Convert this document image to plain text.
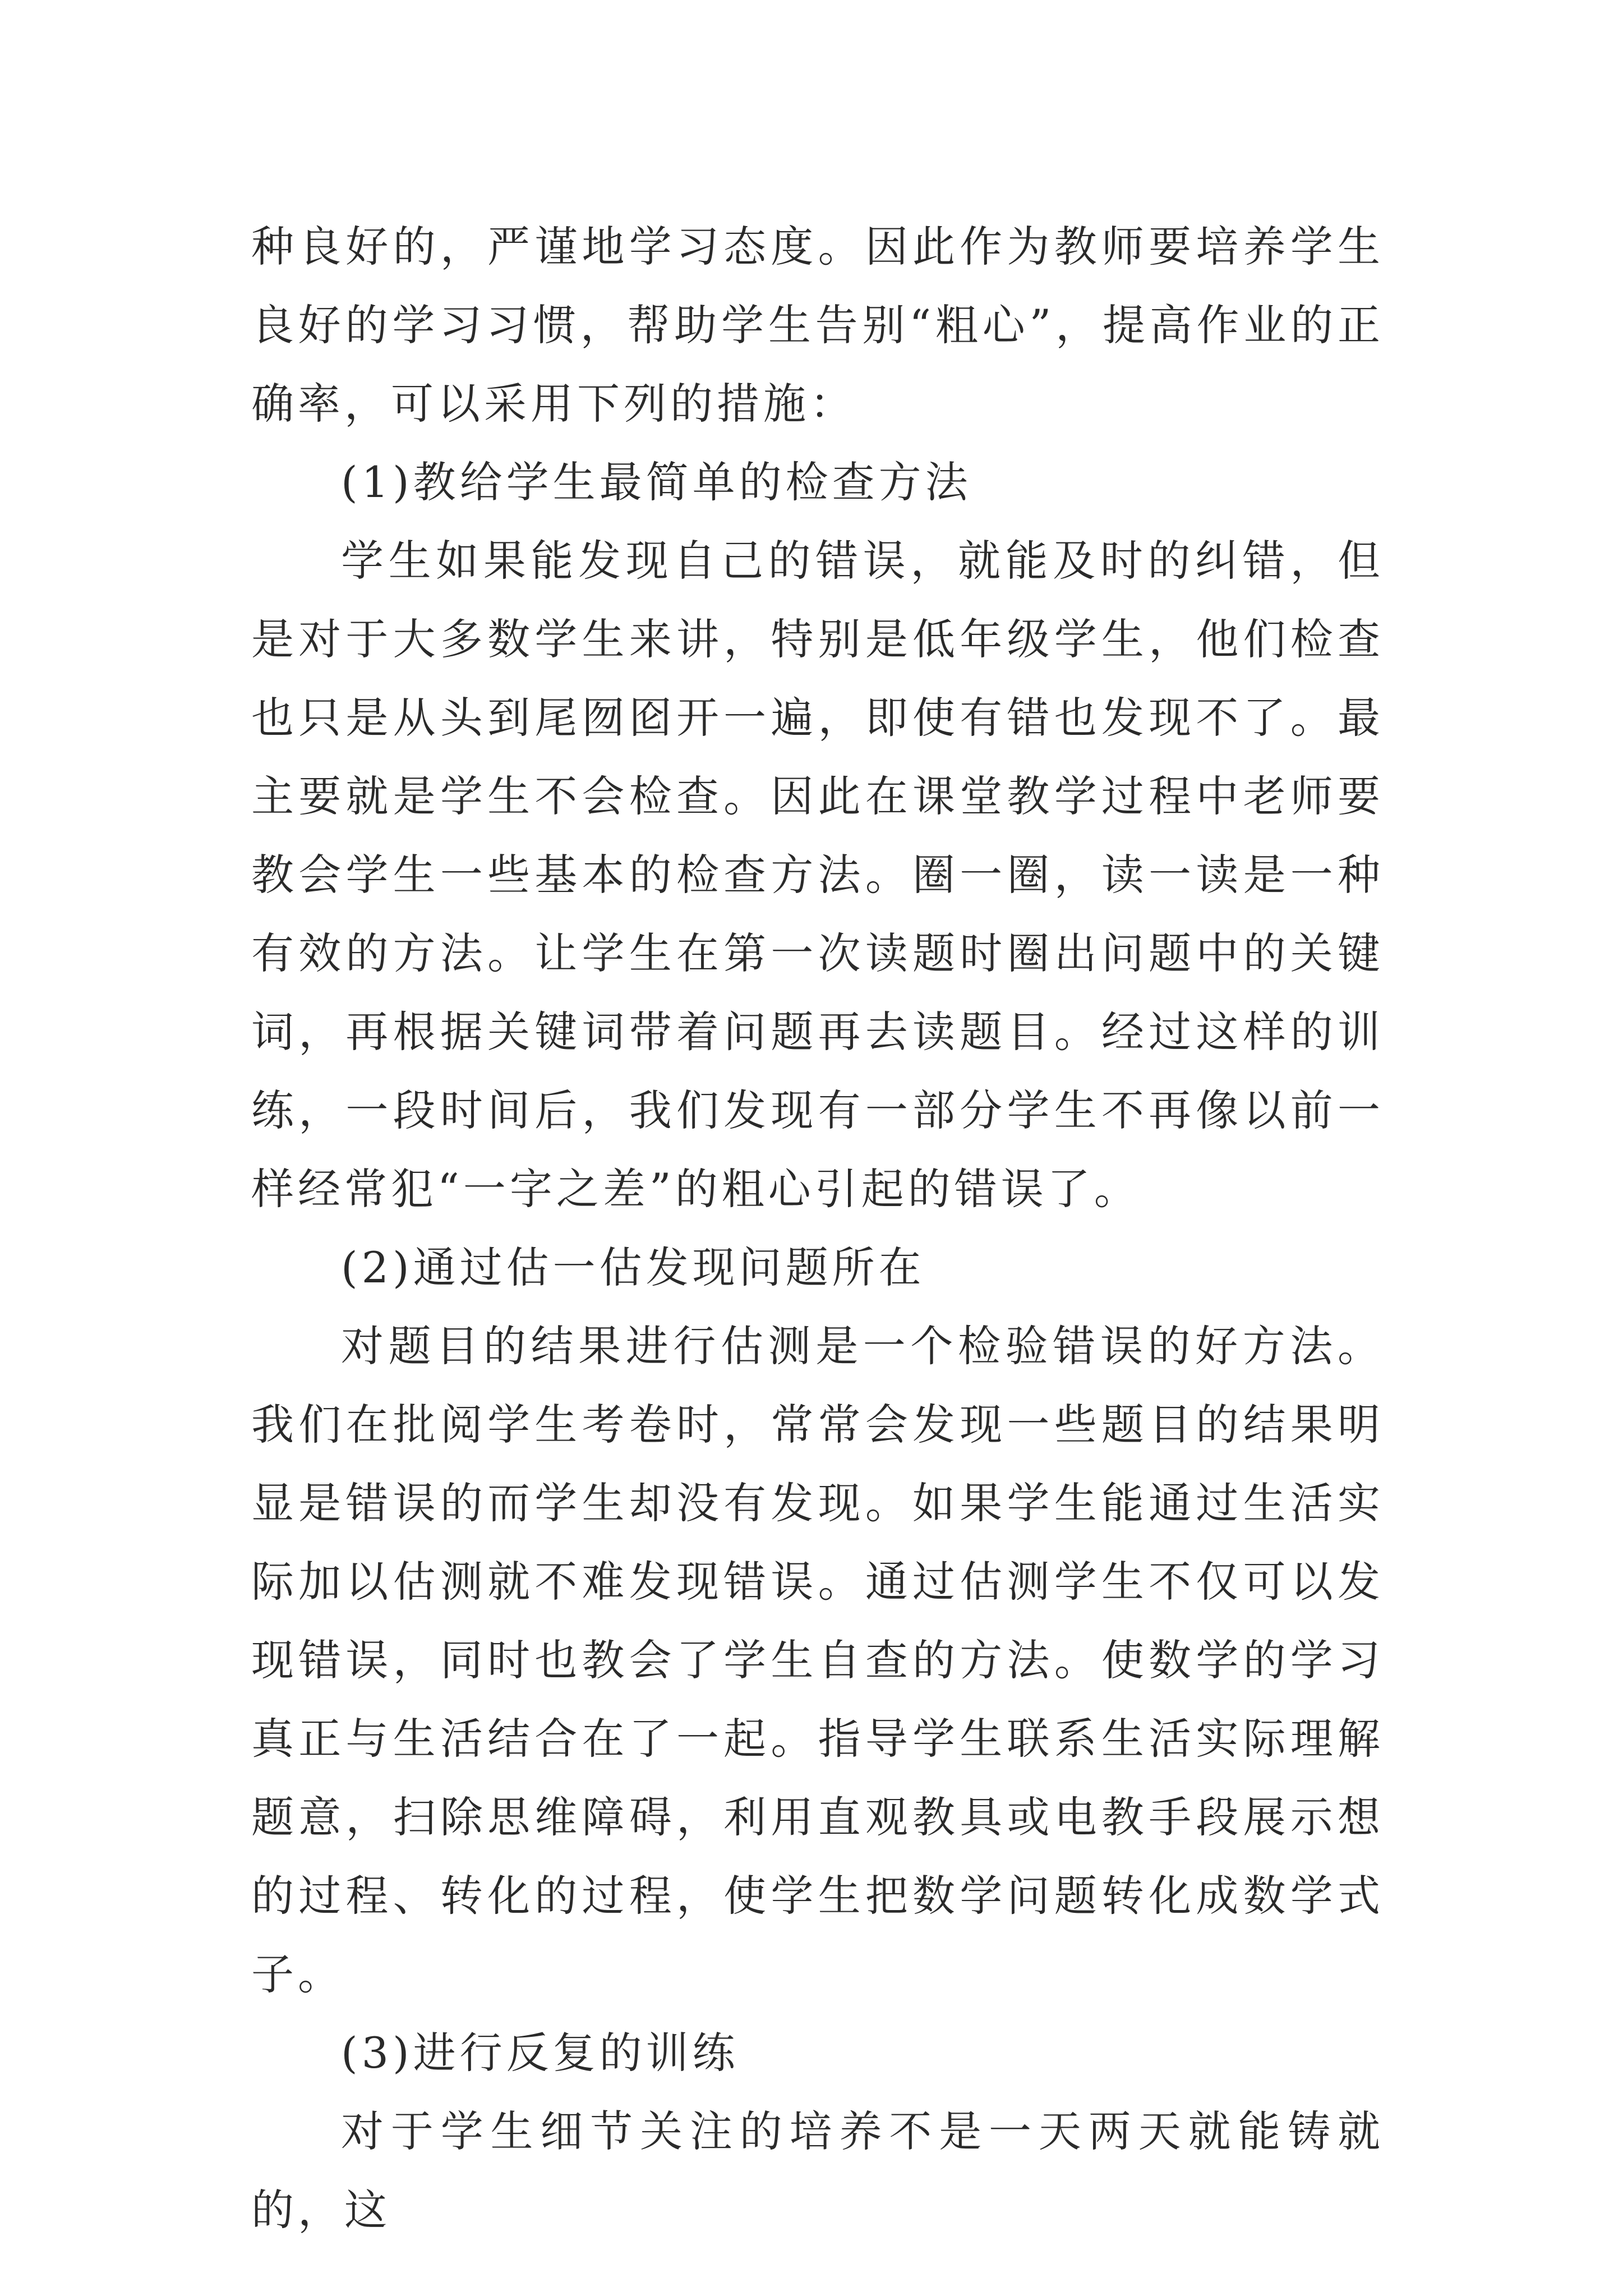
种良好的，严谨地学习态度。因此作为教师要培养学生良好的学习习惯，帮助学生告别“粗心”，提高作业的正确率，可以采用下列的措施：

(1)教给学生最简单的检查方法

学生如果能发现自己的错误，就能及时的纠错，但是对于大多数学生来讲，特别是低年级学生，他们检查也只是从头到尾囫囵开一遍，即使有错也发现不了。最主要就是学生不会检查。因此在课堂教学过程中老师要教会学生一些基本的检查方法。圈一圈，读一读是一种有效的方法。让学生在第一次读题时圈出问题中的关键词，再根据关键词带着问题再去读题目。经过这样的训练，一段时间后，我们发现有一部分学生不再像以前一样经常犯“一字之差”的粗心引起的错误了。

(2)通过估一估发现问题所在

对题目的结果进行估测是一个检验错误的好方法。我们在批阅学生考卷时，常常会发现一些题目的结果明显是错误的而学生却没有发现。如果学生能通过生活实际加以估测就不难发现错误。通过估测学生不仅可以发现错误，同时也教会了学生自查的方法。使数学的学习真正与生活结合在了一起。指导学生联系生活实际理解题意，扫除思维障碍，利用直观教具或电教手段展示想的过程、转化的过程，使学生把数学问题转化成数学式子。

(3)进行反复的训练

对于学生细节关注的培养不是一天两天就能铸就的，这
